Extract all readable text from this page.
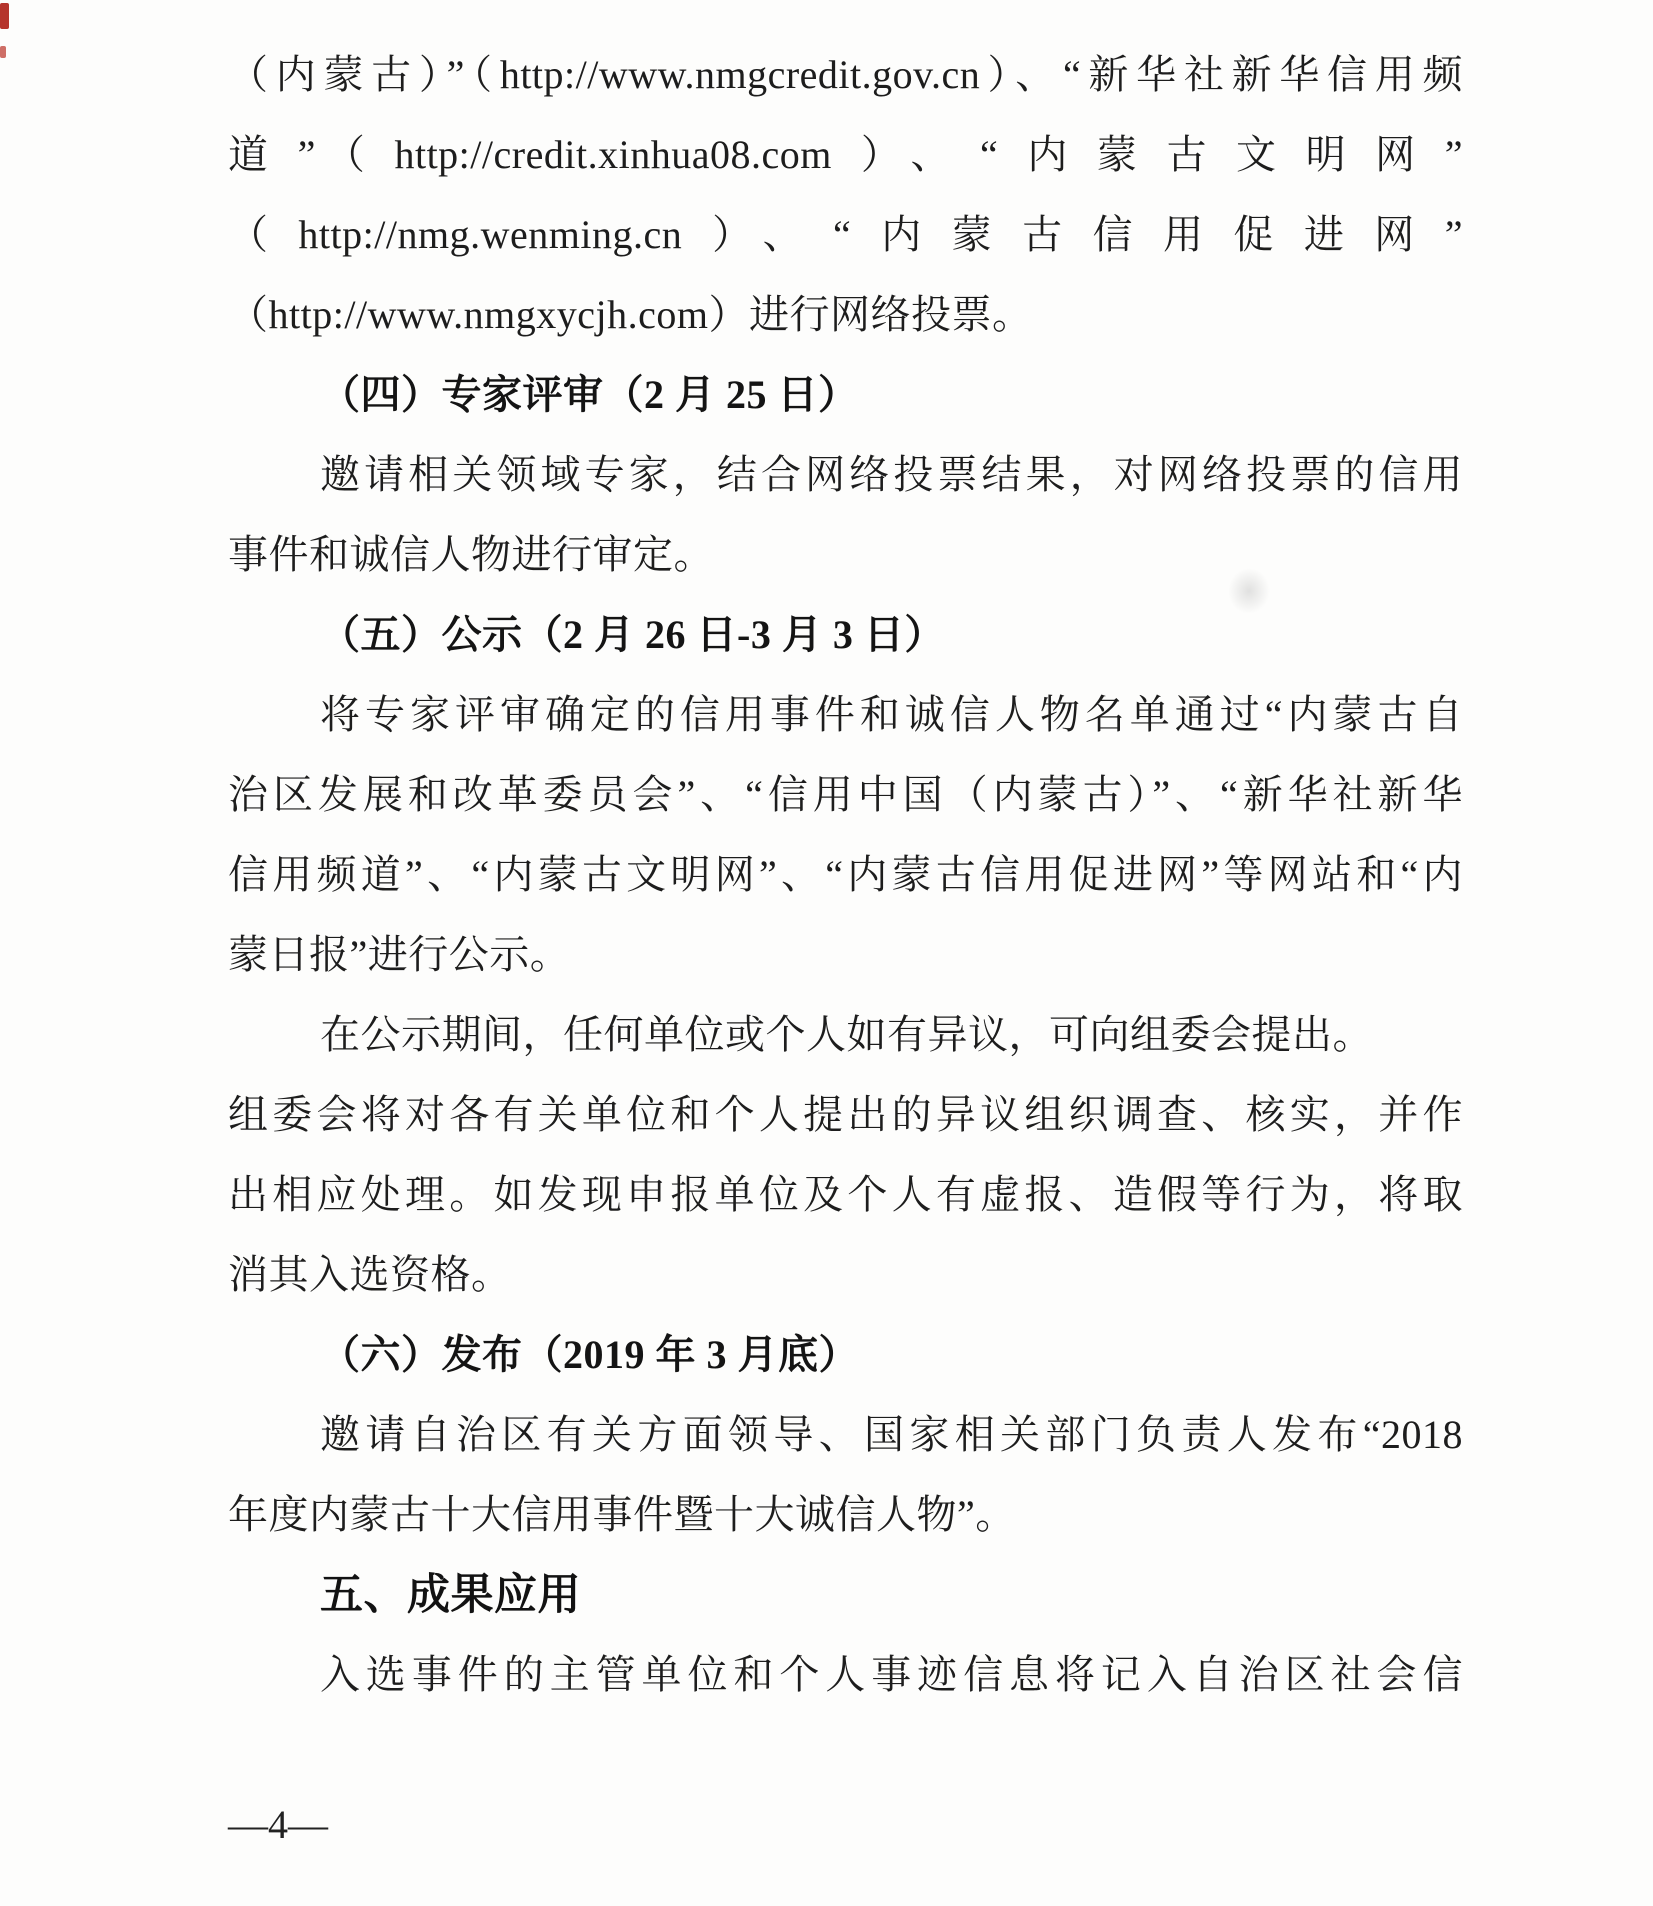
（内蒙古）”（http://www.nmgcredit.gov.cn）、“新华社新华信用频
道”（http://credit.xinhua08.com）、“内蒙古文明网”
（http://nmg.wenming.cn）、“内蒙古信用促进网”
（http://www.nmgxycjh.com）进行网络投票。
（四）专家评审（2 月 25 日）
邀请相关领域专家，结合网络投票结果，对网络投票的信用
事件和诚信人物进行审定。
（五）公示（2 月 26 日-3 月 3 日）
将专家评审确定的信用事件和诚信人物名单通过“内蒙古自
治区发展和改革委员会”、“信用中国（内蒙古）”、“新华社新华
信用频道”、“内蒙古文明网”、“内蒙古信用促进网”等网站和“内
蒙日报”进行公示。
在公示期间，任何单位或个人如有异议，可向组委会提出。
组委会将对各有关单位和个人提出的异议组织调查、核实，并作
出相应处理。如发现申报单位及个人有虚报、造假等行为，将取
消其入选资格。
（六）发布（2019 年 3 月底）
邀请自治区有关方面领导、国家相关部门负责人发布“2018
年度内蒙古十大信用事件暨十大诚信人物”。
五、成果应用
入选事件的主管单位和个人事迹信息将记入自治区社会信
—4—
